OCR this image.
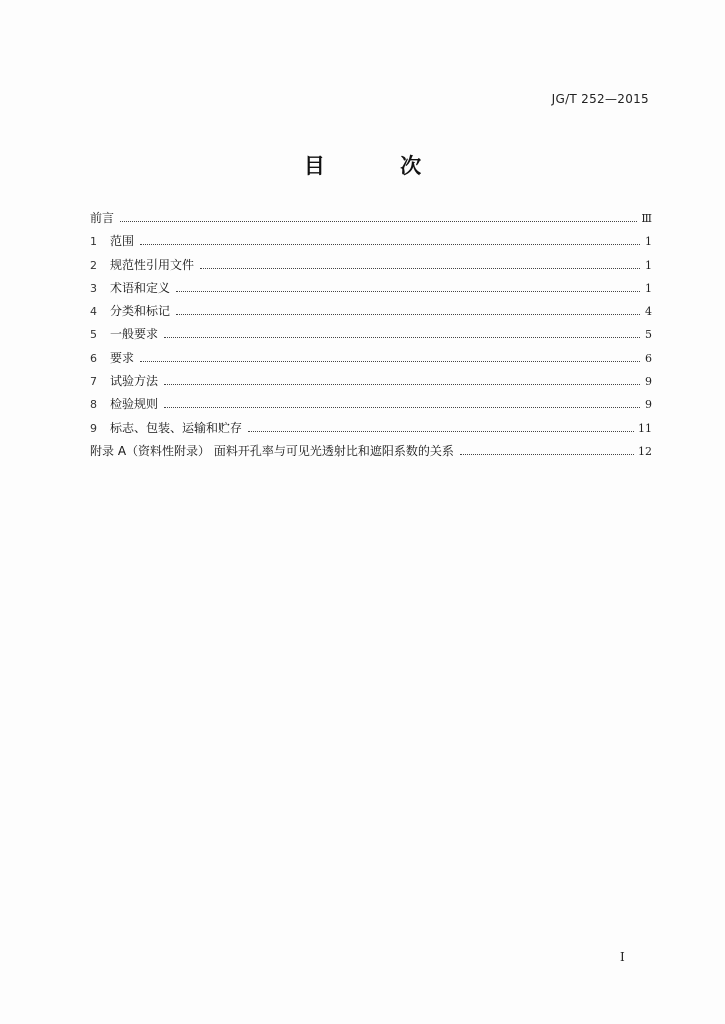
JG/T 252—2015
目 次
前言	Ⅲ
1	范围	1
2	规范性引用文件	1
3	术语和定义	1
4	分类和标记	4
5	一般要求	5
6	要求	6
7	试验方法	9
8	检验规则	9
9	标志、包装、运输和贮存	11
附录 A（资料性附录） 面料开孔率与可见光透射比和遮阳系数的关系	12
I
